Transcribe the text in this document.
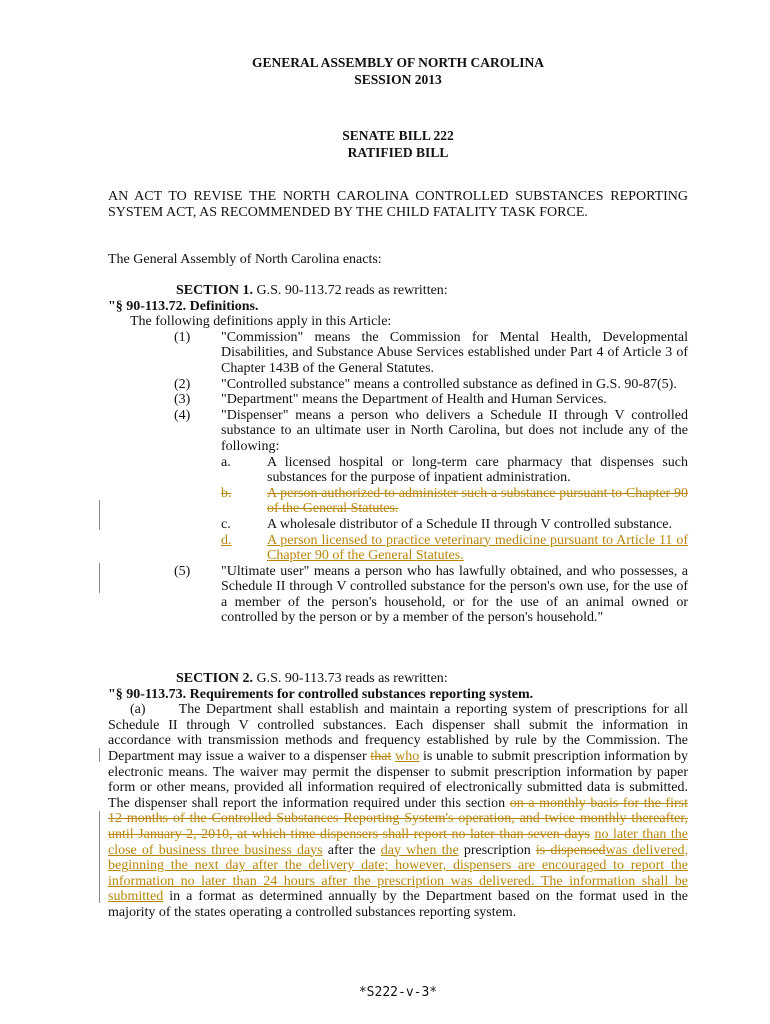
GENERAL ASSEMBLY OF NORTH CAROLINA
SESSION 2013
SENATE BILL 222
RATIFIED BILL
AN ACT TO REVISE THE NORTH CAROLINA CONTROLLED SUBSTANCES REPORTING SYSTEM ACT, AS RECOMMENDED BY THE CHILD FATALITY TASK FORCE.
The General Assembly of North Carolina enacts:
SECTION 1. G.S. 90-113.72 reads as rewritten:
"§ 90-113.72. Definitions.
The following definitions apply in this Article:
(1) "Commission" means the Commission for Mental Health, Developmental Disabilities, and Substance Abuse Services established under Part 4 of Article 3 of Chapter 143B of the General Statutes.
(2) "Controlled substance" means a controlled substance as defined in G.S. 90-87(5).
(3) "Department" means the Department of Health and Human Services.
(4) "Dispenser" means a person who delivers a Schedule II through V controlled substance to an ultimate user in North Carolina, but does not include any of the following:
a.	A licensed hospital or long-term care pharmacy that dispenses such substances for the purpose of inpatient administration.
b.	A person authorized to administer such a substance pursuant to Chapter 90 of the General Statutes.
c.	A wholesale distributor of a Schedule II through V controlled substance.
d.	A person licensed to practice veterinary medicine pursuant to Article 11 of Chapter 90 of the General Statutes.
(5) "Ultimate user" means a person who has lawfully obtained, and who possesses, a Schedule II through V controlled substance for the person's own use, for the use of a member of the person's household, or for the use of an animal owned or controlled by the person or by a member of the person's household."
SECTION 2. G.S. 90-113.73 reads as rewritten:
"§ 90-113.73. Requirements for controlled substances reporting system.
(a) The Department shall establish and maintain a reporting system of prescriptions for all Schedule II through V controlled substances. Each dispenser shall submit the information in accordance with transmission methods and frequency established by rule by the Commission. The Department may issue a waiver to a dispenser that who is unable to submit prescription information by electronic means. The waiver may permit the dispenser to submit prescription information by paper form or other means, provided all information required of electronically submitted data is submitted. The dispenser shall report the information required under this section on a monthly basis for the first 12 months of the Controlled Substances Reporting System's operation, and twice monthly thereafter, until January 2, 2010, at which time dispensers shall report no later than seven days no later than the close of business three business days after the day when the prescription is dispensedwas delivered, beginning the next day after the delivery date; however, dispensers are encouraged to report the information no later than 24 hours after the prescription was delivered. The information shall be submitted in a format as determined annually by the Department based on the format used in the majority of the states operating a controlled substances reporting system.
*S222-v-3*
